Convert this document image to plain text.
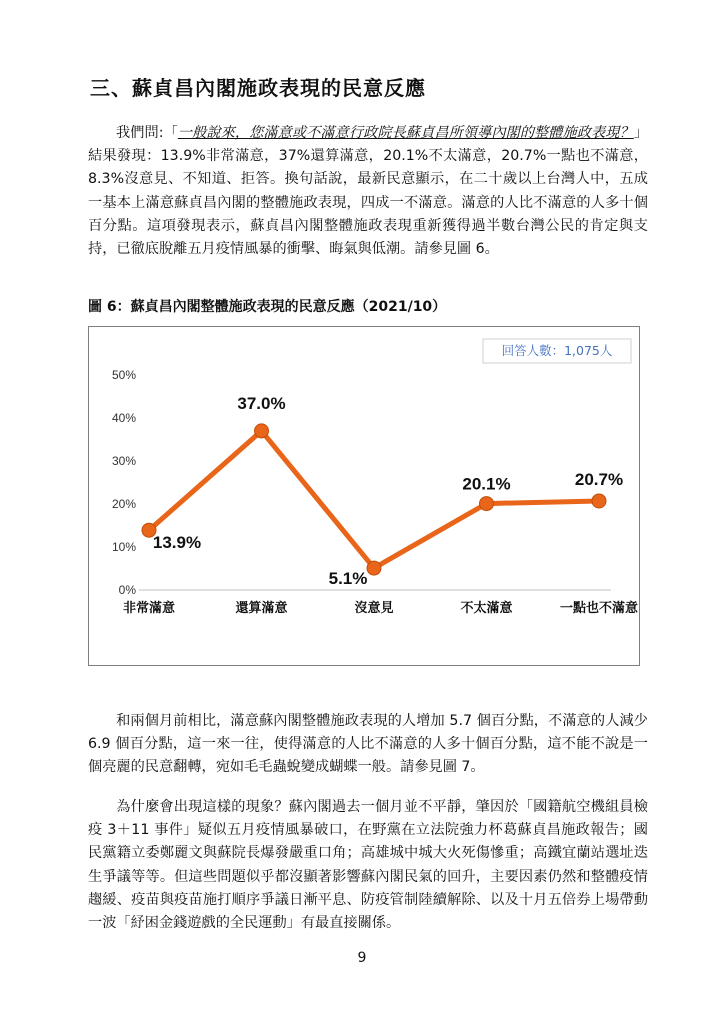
三、蘇貞昌內閣施政表現的民意反應

我們問:「一般說來，您滿意或不滿意行政院長蘇貞昌所領導內閣的整體施政表現？」結果發現：13.9%非常滿意，37%還算滿意，20.1%不太滿意，20.7%一點也不滿意，8.3%沒意見、不知道、拒答。換句話說，最新民意顯示，在二十歲以上台灣人中，五成一基本上滿意蘇貞昌內閣的整體施政表現，四成一不滿意。滿意的人比不滿意的人多十個百分點。這項發現表示，蘇貞昌內閣整體施政表現重新獲得過半數台灣公民的肯定與支持，已徹底脫離五月疫情風暴的衝擊、晦氣與低潮。請參見圖 6。

圖 6：蘇貞昌內閣整體施政表現的民意反應（2021/10）
回答人數：1,075人
0%
10%
20%
30%
40%
50%
非常滿意	還算滿意	沒意見	不太滿意	一點也不滿意
13.9%
37.0%
5.1%
20.1%	20.7%

和兩個月前相比，滿意蘇內閣整體施政表現的人增加 5.7 個百分點，不滿意的人減少 6.9 個百分點，這一來一往，使得滿意的人比不滿意的人多十個百分點，這不能不說是一個亮麗的民意翻轉，宛如毛毛蟲蛻變成蝴蝶一般。請參見圖 7。

為什麼會出現這樣的現象？蘇內閣過去一個月並不平靜，肇因於「國籍航空機組員檢疫 3＋11 事件」疑似五月疫情風暴破口，在野黨在立法院強力杯葛蘇貞昌施政報告；國民黨籍立委鄭麗文與蘇院長爆發嚴重口角；高雄城中城大火死傷慘重；高鐵宜蘭站選址迭生爭議等等。但這些問題似乎都沒顯著影響蘇內閣民氣的回升，主要因素仍然和整體疫情趨緩、疫苗與疫苗施打順序爭議日漸平息、防疫管制陸續解除、以及十月五倍券上場帶動一波「紓困金錢遊戲的全民運動」有最直接關係。

9
